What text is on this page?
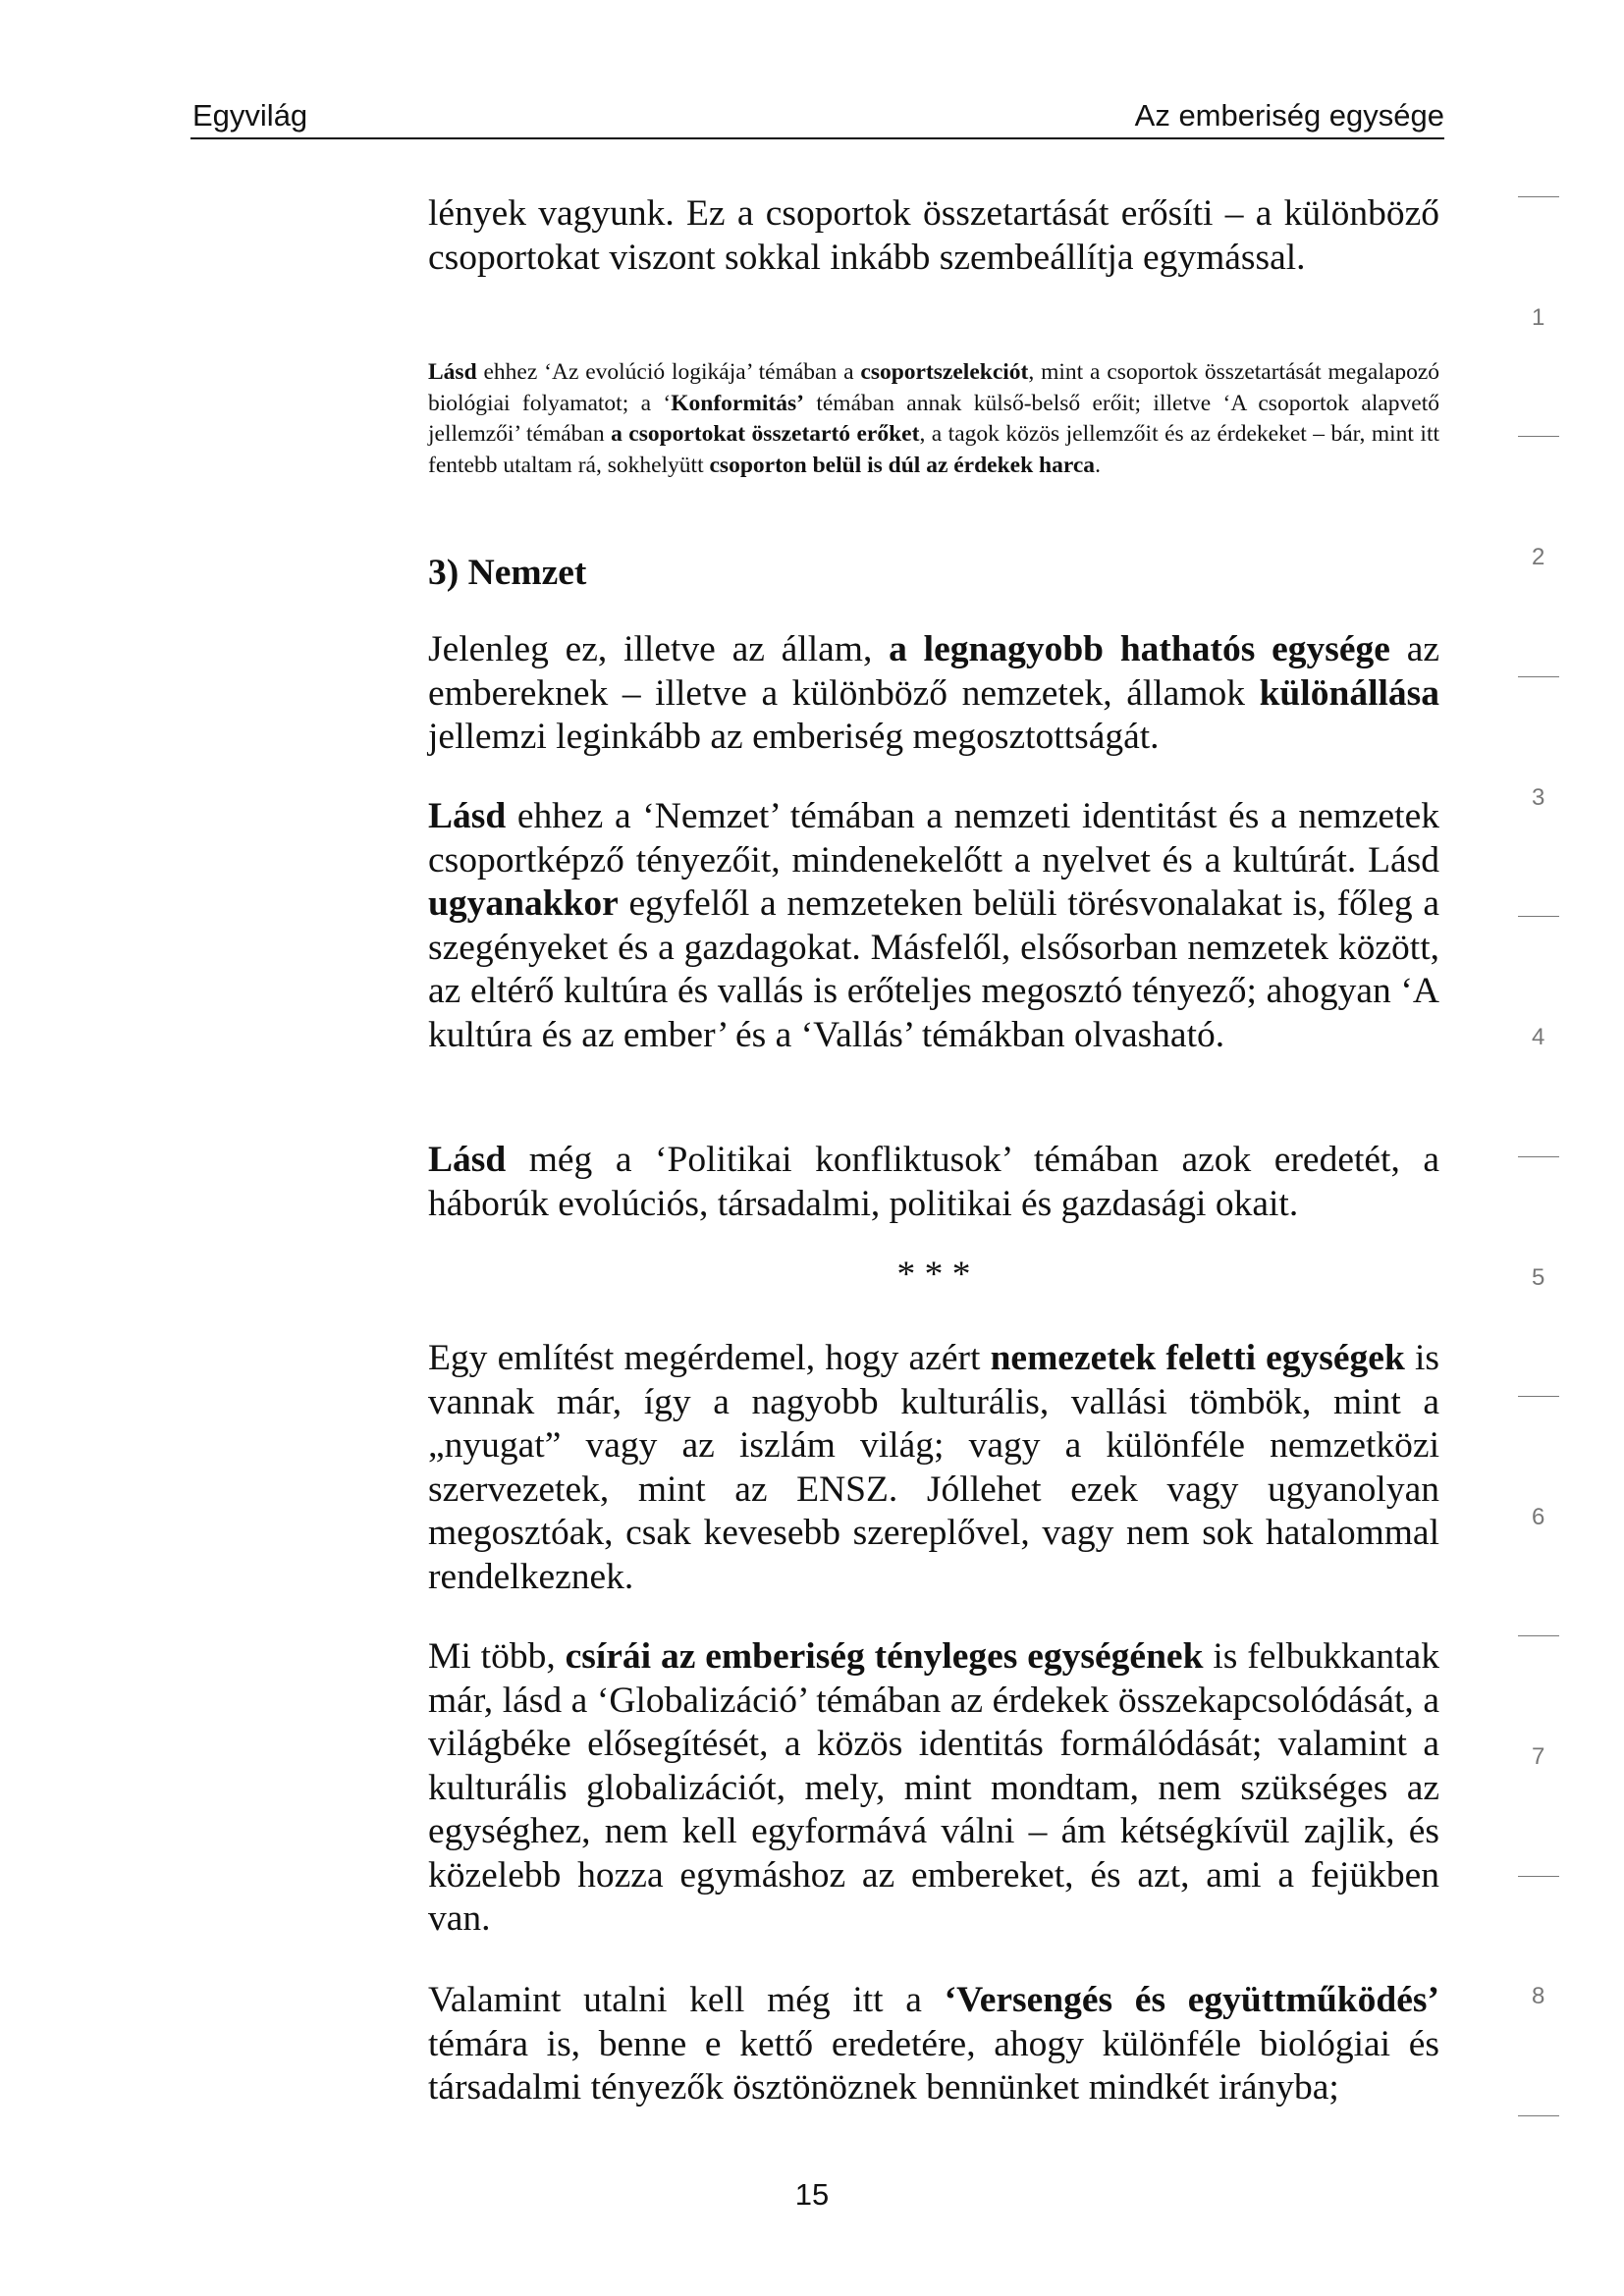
Egyvilág	Az emberiség egysége

lények vagyunk. Ez a csoportok összetartását erősíti – a különböző csoportokat viszont sokkal inkább szembeállítja egymással.

Lásd ehhez ‘Az evolúció logikája’ témában a csoportszelekciót, mint a csoportok összetartását megalapozó biológiai folyamatot; a ‘Konformitás’ témában annak külső-belső erőit; illetve ‘A csoportok alapvető jellemzői’ témában a csoportokat összetartó erőket, a tagok közös jellemzőit és az érdekeket – bár, mint itt fentebb utaltam rá, sokhelyütt csoporton belül is dúl az érdekek harca.

3) Nemzet

Jelenleg ez, illetve az állam, a legnagyobb hathatós egysége az embereknek – illetve a különböző nemzetek, államok különállása jellemzi leginkább az emberiség megosztottságát.

Lásd ehhez a ‘Nemzet’ témában a nemzeti identitást és a nemzetek csoportképző tényezőit, mindenekelőtt a nyelvet és a kultúrát. Lásd ugyanakkor egyfelől a nemzeteken belüli törésvonalakat is, főleg a szegényeket és a gazdagokat. Másfelől, elsősorban nemzetek között, az eltérő kultúra és vallás is erőteljes megosztó tényező; ahogyan ‘A kultúra és az ember’ és a ‘Vallás’ témákban olvasható.

Lásd még a ‘Politikai konfliktusok’ témában azok eredetét, a háborúk evolúciós, társadalmi, politikai és gazdasági okait.

* * *

Egy említést megérdemel, hogy azért nemezetek feletti egységek is vannak már, így a nagyobb kulturális, vallási tömbök, mint a „nyugat” vagy az iszlám világ; vagy a különféle nemzetközi szervezetek, mint az ENSZ. Jóllehet ezek vagy ugyanolyan megosztóak, csak kevesebb szereplővel, vagy nem sok hatalommal rendelkeznek.

Mi több, csírái az emberiség tényleges egységének is felbukkantak már, lásd a ‘Globalizáció’ témában az érdekek összekapcsolódását, a világbéke elősegítését, a közös identitás formálódását; valamint a kulturális globalizációt, mely, mint mondtam, nem szükséges az egységhez, nem kell egyformává válni – ám kétségkívül zajlik, és közelebb hozza egymáshoz az embereket, és azt, ami a fejükben van.

Valamint utalni kell még itt a ‘Versengés és együttműködés’ témára is, benne e kettő eredetére, ahogy különféle biológiai és társadalmi tényezők ösztönöznek bennünket mindkét irányba;

1
2
3
4
5
6
7
8
15
